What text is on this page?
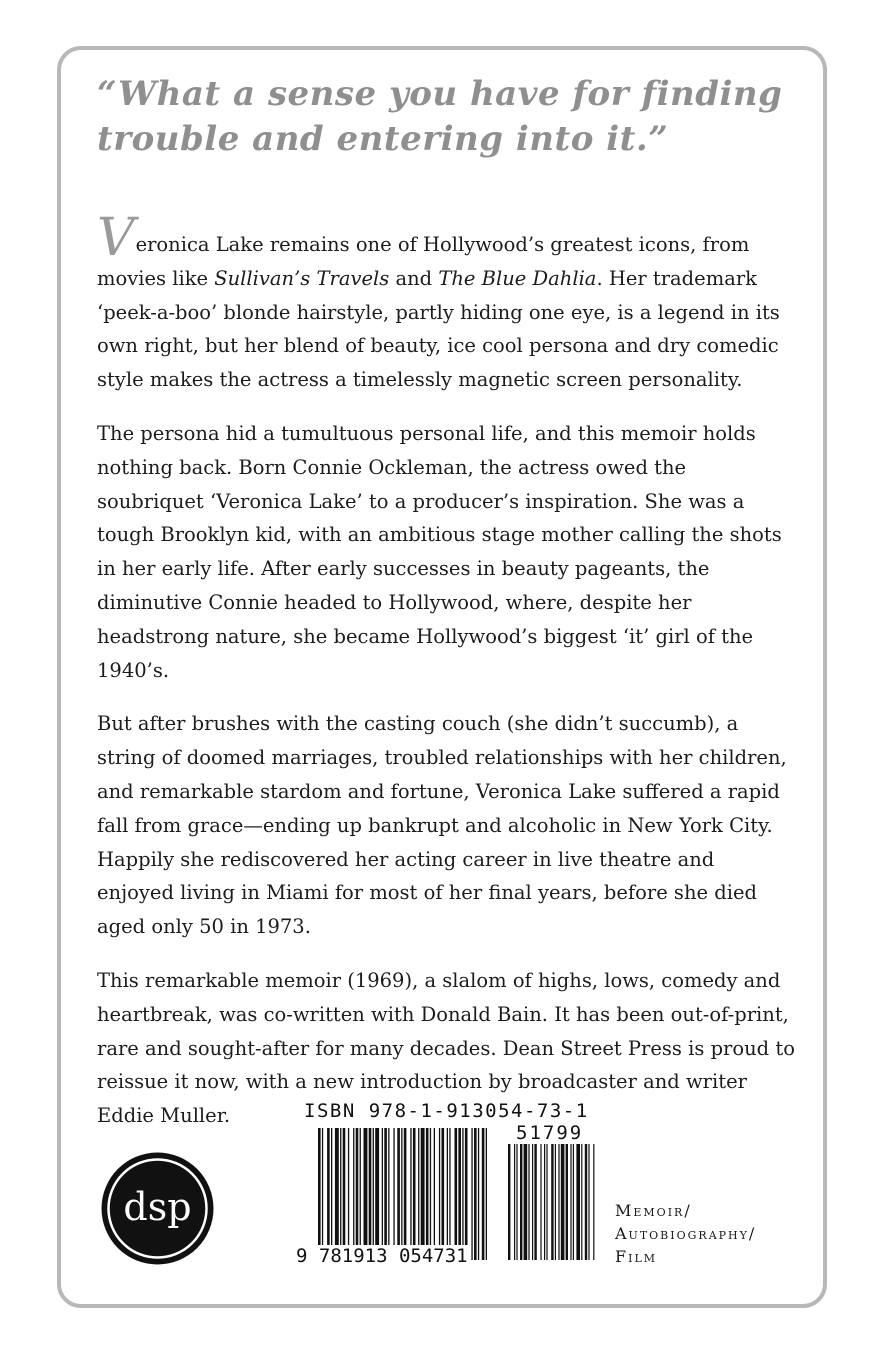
“What a sense you have for finding trouble and entering into it.”

Veronica Lake remains one of Hollywood’s greatest icons, from movies like Sullivan’s Travels and The Blue Dahlia. Her trademark ‘peek-a-boo’ blonde hairstyle, partly hiding one eye, is a legend in its own right, but her blend of beauty, ice cool persona and dry comedic style makes the actress a timelessly magnetic screen personality.

The persona hid a tumultuous personal life, and this memoir holds nothing back. Born Connie Ockleman, the actress owed the soubriquet ‘Veronica Lake’ to a producer’s inspiration. She was a tough Brooklyn kid, with an ambitious stage mother calling the shots in her early life. After early successes in beauty pageants, the diminutive Connie headed to Hollywood, where, despite her headstrong nature, she became Hollywood’s biggest ‘it’ girl of the 1940’s.

But after brushes with the casting couch (she didn’t succumb), a string of doomed marriages, troubled relationships with her children, and remarkable stardom and fortune, Veronica Lake suffered a rapid fall from grace—ending up bankrupt and alcoholic in New York City. Happily she rediscovered her acting career in live theatre and enjoyed living in Miami for most of her final years, before she died aged only 50 in 1973.

This remarkable memoir (1969), a slalom of highs, lows, comedy and heartbreak, was co-written with Donald Bain. It has been out-of-print, rare and sought-after for many decades. Dean Street Press is proud to reissue it now, with a new introduction by broadcaster and writer Eddie Muller.

dsp
ISBN 978-1-913054-73-1
51799
9 781913 054731
Memoir/
Autobiography/
Film
